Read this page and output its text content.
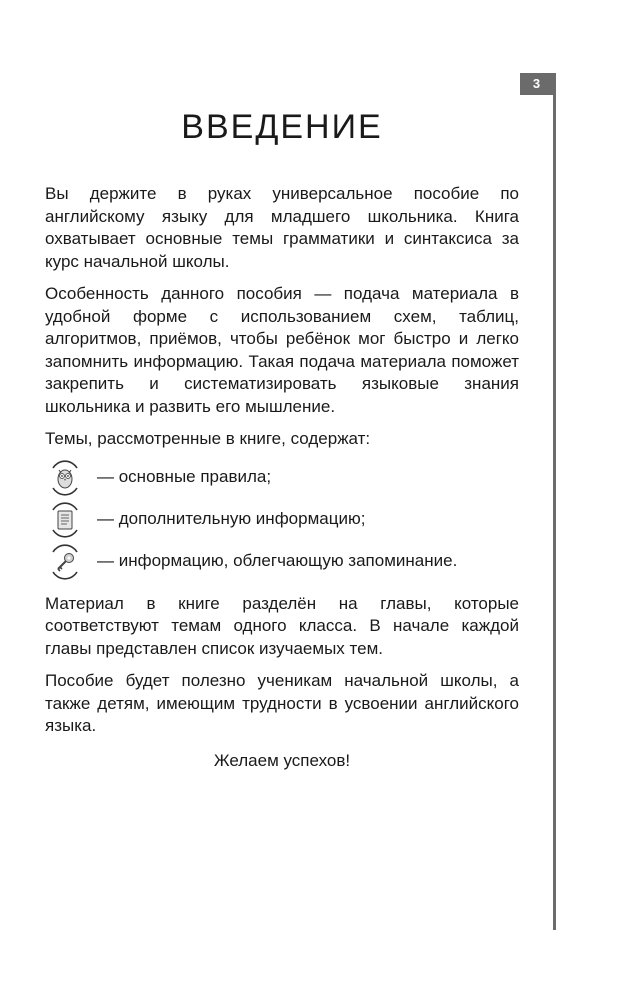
3
ВВЕДЕНИЕ

Вы держите в руках универсальное пособие по английскому языку для младшего школьника. Книга охватывает основные темы грамматики и синтаксиса за курс начальной школы.

Особенность данного пособия — подача материала в удобной форме с использованием схем, таблиц, алгоритмов, приёмов, чтобы ребёнок мог быстро и легко запомнить информацию. Такая подача материала поможет закрепить и систематизировать языковые знания школьника и развить его мышление.

Темы, рассмотренные в книге, содержат:

— основные правила;
— дополнительную информацию;
— информацию, облегчающую запоминание.

Материал в книге разделён на главы, которые соответствуют темам одного класса. В начале каждой главы представлен список изучаемых тем.

Пособие будет полезно ученикам начальной школы, а также детям, имеющим трудности в усвоении английского языка.

Желаем успехов!
